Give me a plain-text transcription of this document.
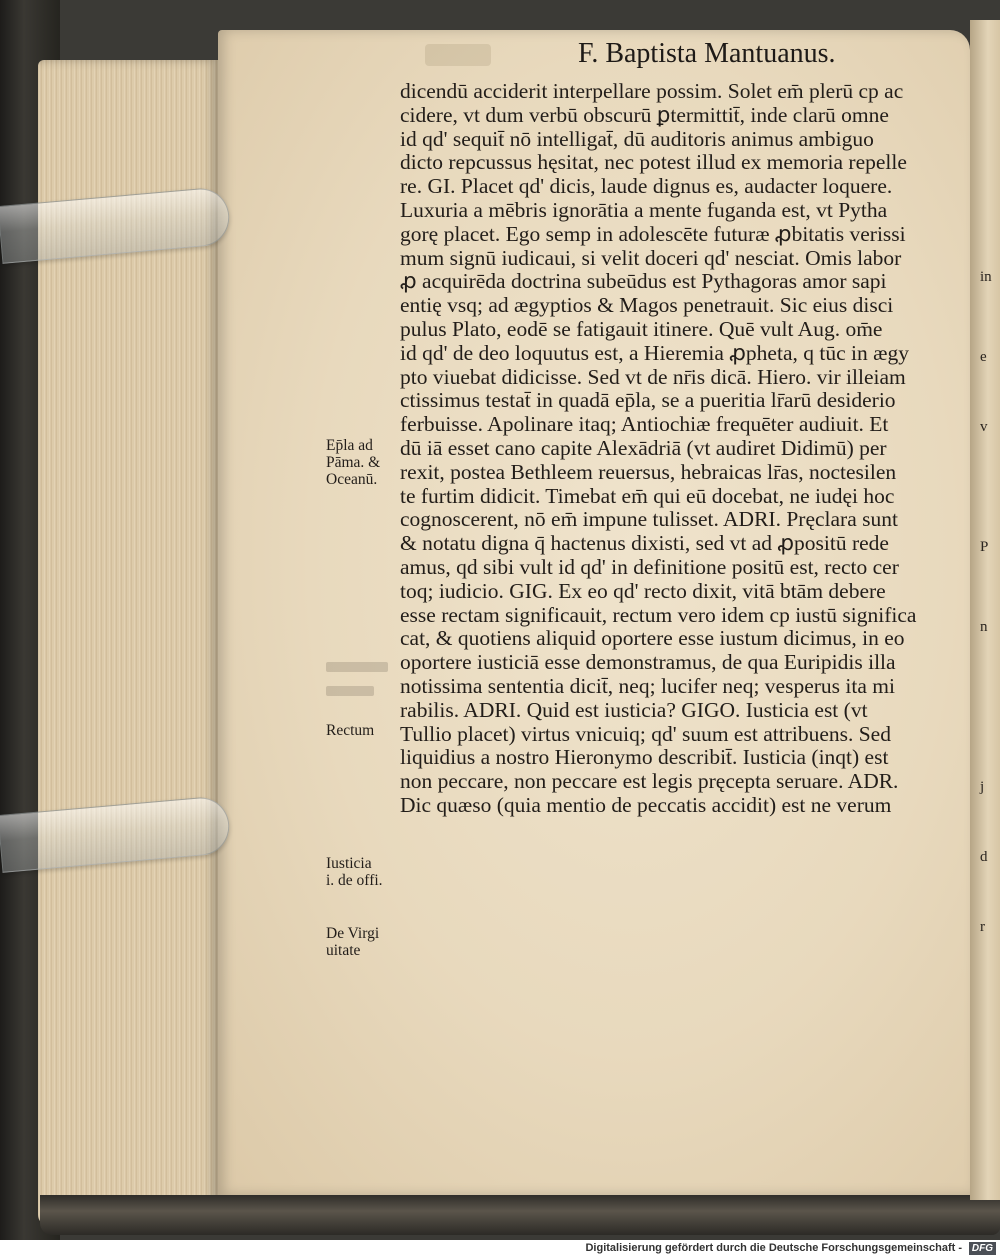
in
e
v
P
n
j
d
r
F. Baptista Mantuanus.
dicendū acciderit interpellare possim. Solet em̄ plerū cp ac
cidere, vt dum verbū obscurū ꝑtermittit̄, inde clarū omne
id qd' sequit̄ nō intelligat̄, dū auditoris animus ambiguo
dicto repcussus hęsitat, nec potest illud ex memoria repelle
re. GI. Placet qd' dicis, laude dignus es, audacter loquere.
Luxuria a mēbris ignorātia a mente fuganda est, vt Pytha
gorę placet. Ego semp in adolescēte futuræ ꝓbitatis verissi
mum signū iudicaui, si velit doceri qd' nesciat. Omis labor
ꝓ acquirēda doctrina subeūdus est Pythagoras amor sapi
entię vsq; ad ægyptios & Magos penetrauit. Sic eius disci
pulus Plato, eodē se fatigauit itinere. Quē vult Aug. om̄e
id qd' de deo loquutus est, a Hieremia ꝓpheta, q tūc in ægy
pto viuebat didicisse. Sed vt de nr̄is dicā. Hiero. vir illeiam
ctissimus testat̄ in quadā ep̄la, se a pueritia lr̄arū desiderio
ferbuisse. Apolinare itaq; Antiochiæ frequēter audiuit. Et
dū iā esset cano capite Alexādriā (vt audiret Didimū) per
rexit, postea Bethleem reuersus, hebraicas lr̄as, noctesilen
te furtim didicit. Timebat em̄ qui eū docebat, ne iudęi hoc
cognoscerent, nō em̄ impune tulisset. ADRI. Pręclara sunt
& notatu digna q̄ hactenus dixisti, sed vt ad ꝓpositū rede
amus, qd sibi vult id qd' in definitione positū est, recto cer
toq; iudicio. GIG. Ex eo qd' recto dixit, vitā btām debere
esse rectam significauit, rectum vero idem cp iustū significa
cat, & quotiens aliquid oportere esse iustum dicimus, in eo
oportere iusticiā esse demonstramus, de qua Euripidis illa
notissima sententia dicit̄, neq; lucifer neq; vesperus ita mi
rabilis. ADRI. Quid est iusticia? GIGO. Iusticia est (vt
Tullio placet) virtus vnicuiq; qd' suum est attribuens. Sed
liquidius a nostro Hieronymo describit̄. Iusticia (inqt) est
non peccare, non peccare est legis pręcepta seruare. ADR.
Dic quæso (quia mentio de peccatis accidit) est ne verum
Ep̄la ad
Pāma. &
Oceanū.
Rectum
Iusticia
i. de offi.
De Virgi
uitate
Digitalisierung gefördert durch die Deutsche Forschungsgemeinschaft - DFG
